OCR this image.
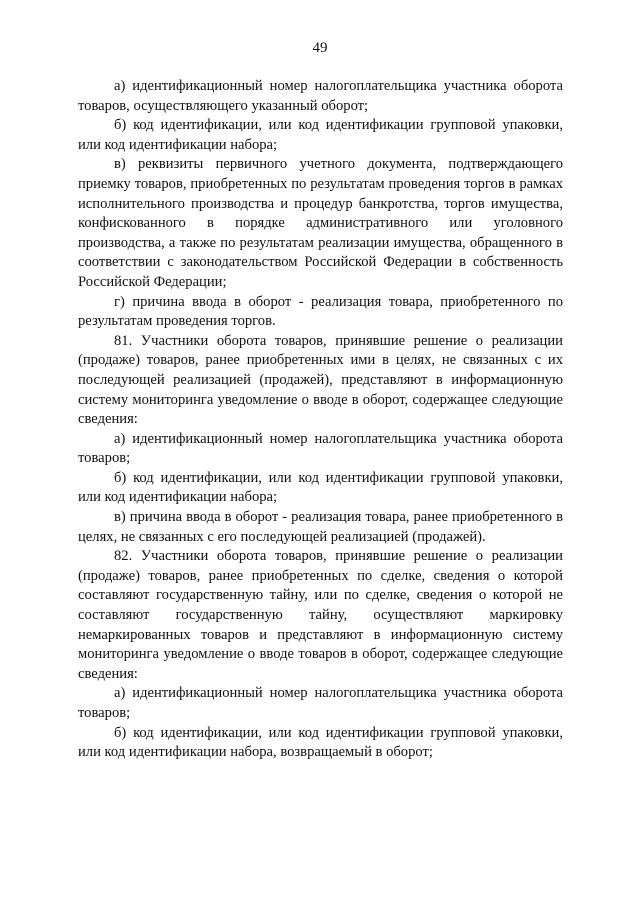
49

а) идентификационный номер налогоплательщика участника оборота товаров, осуществляющего указанный оборот;

б) код идентификации, или код идентификации групповой упаковки, или код идентификации набора;

в) реквизиты первичного учетного документа, подтверждающего приемку товаров, приобретенных по результатам проведения торгов в рамках исполнительного производства и процедур банкротства, торгов имущества, конфискованного в порядке административного или уголовного производства, а также по результатам реализации имущества, обращенного в соответствии с законодательством Российской Федерации в собственность Российской Федерации;

г) причина ввода в оборот - реализация товара, приобретенного по результатам проведения торгов.

81. Участники оборота товаров, принявшие решение о реализации (продаже) товаров, ранее приобретенных ими в целях, не связанных с их последующей реализацией (продажей), представляют в информационную систему мониторинга уведомление о вводе в оборот, содержащее следующие сведения:

а) идентификационный номер налогоплательщика участника оборота товаров;

б) код идентификации, или код идентификации групповой упаковки, или код идентификации набора;

в) причина ввода в оборот - реализация товара, ранее приобретенного в целях, не связанных с его последующей реализацией (продажей).

82. Участники оборота товаров, принявшие решение о реализации (продаже) товаров, ранее приобретенных по сделке, сведения о которой составляют государственную тайну, или по сделке, сведения о которой не составляют государственную тайну, осуществляют маркировку немаркированных товаров и представляют в информационную систему мониторинга уведомление о вводе товаров в оборот, содержащее следующие сведения:

а) идентификационный номер налогоплательщика участника оборота товаров;

б) код идентификации, или код идентификации групповой упаковки, или код идентификации набора, возвращаемый в оборот;
